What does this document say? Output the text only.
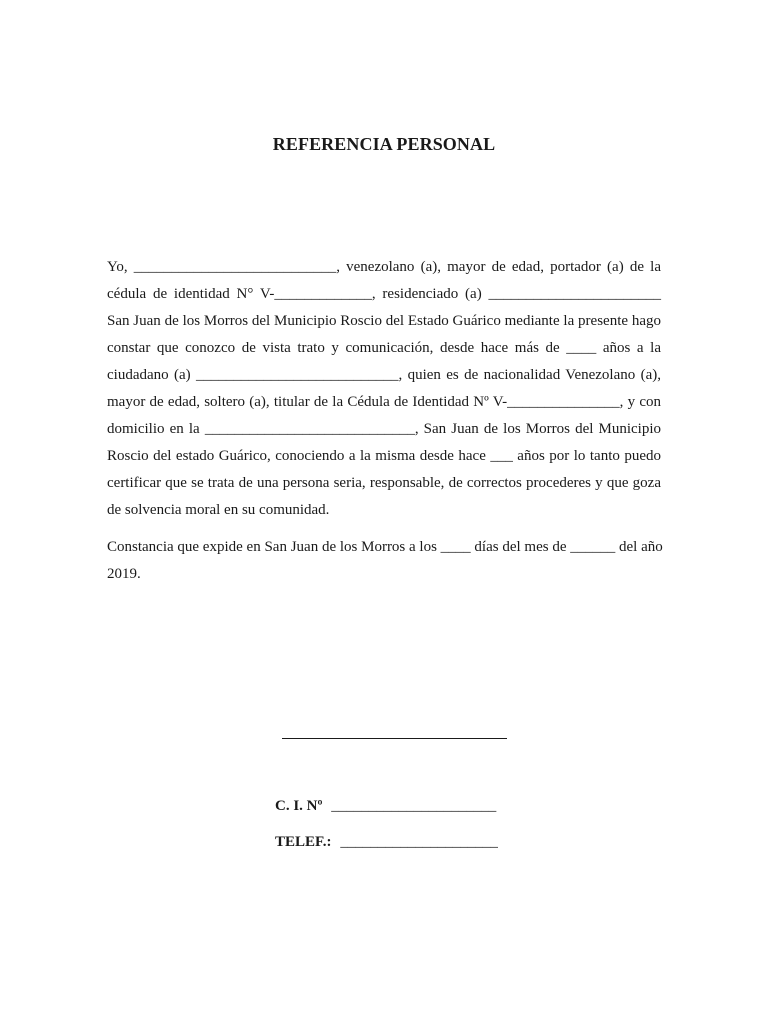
REFERENCIA PERSONAL
Yo, ___________________________, venezolano (a), mayor de edad, portador (a) de la
cédula de identidad N° V-_____________, residenciado (a) _______________________
San Juan de los Morros del Municipio Roscio del Estado Guárico mediante la presente hago
constar que conozco de vista trato y comunicación, desde hace más de ____ años a la
ciudadano (a) ___________________________, quien es de nacionalidad Venezolano (a),
mayor de edad, soltero (a), titular de la Cédula de Identidad Nº V-_______________, y con
domicilio en la ____________________________, San Juan de los Morros del Municipio
Roscio del estado Guárico, conociendo a la misma desde hace ___ años por lo tanto puedo
certificar que se trata de una persona seria, responsable, de correctos procederes y que goza
de solvencia moral en su comunidad.
Constancia que expide en San Juan de los Morros a los ____ días del mes de ______ del año
2019.
C. I. Nº ______________________
TELEF.: _____________________
